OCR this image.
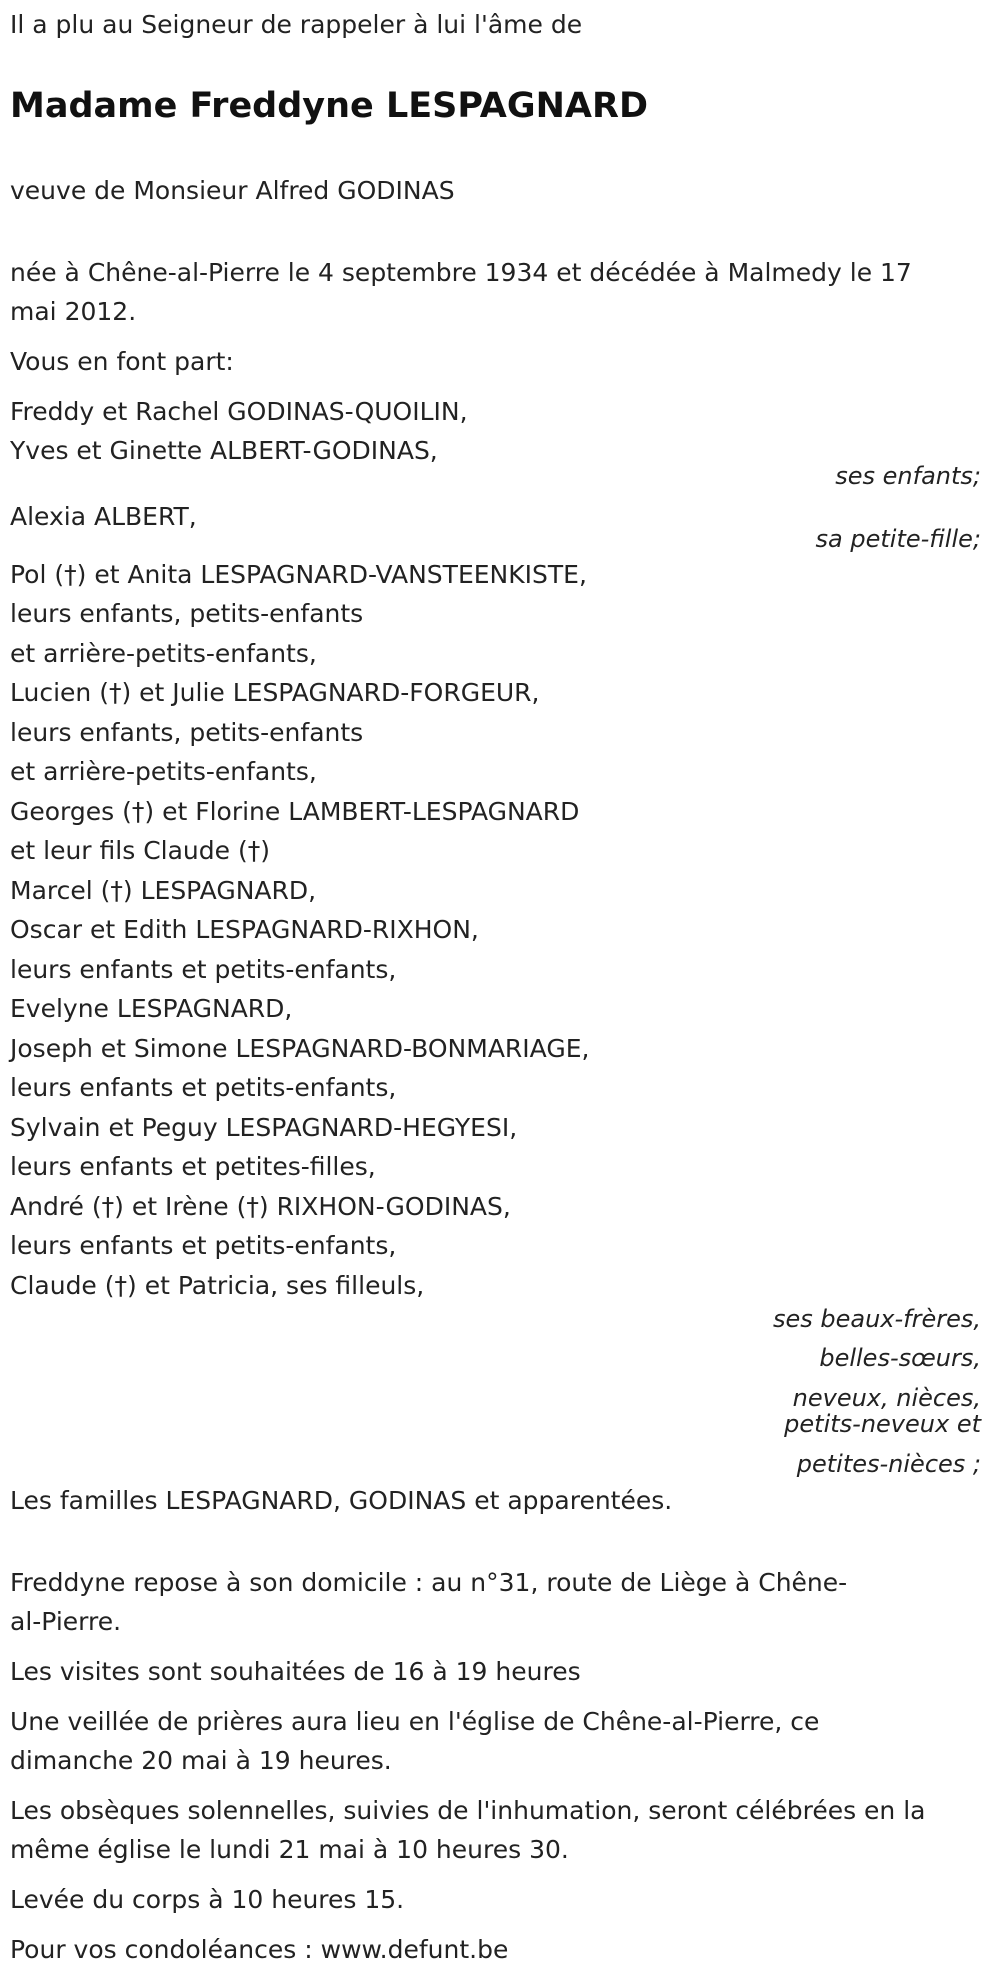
Il a plu au Seigneur de rappeler à lui l'âme de
Madame Freddyne LESPAGNARD
veuve de Monsieur Alfred GODINAS
née à Chêne-al-Pierre le 4 septembre 1934 et décédée à Malmedy le 17
mai 2012.
Vous en font part:
Freddy et Rachel GODINAS-QUOILIN,
Yves et Ginette ALBERT-GODINAS,
ses enfants;
Alexia ALBERT,
sa petite-fille;
Pol (†) et Anita LESPAGNARD-VANSTEENKISTE,
leurs enfants, petits-enfants
et arrière-petits-enfants,
Lucien (†) et Julie LESPAGNARD-FORGEUR,
leurs enfants, petits-enfants
et arrière-petits-enfants,
Georges (†) et Florine LAMBERT-LESPAGNARD
et leur fils Claude (†)
Marcel (†) LESPAGNARD,
Oscar et Edith LESPAGNARD-RIXHON,
leurs enfants et petits-enfants,
Evelyne LESPAGNARD,
Joseph et Simone LESPAGNARD-BONMARIAGE,
leurs enfants et petits-enfants,
Sylvain et Peguy LESPAGNARD-HEGYESI,
leurs enfants et petites-filles,
André (†) et Irène (†) RIXHON-GODINAS,
leurs enfants et petits-enfants,
Claude (†) et Patricia, ses filleuls,
ses beaux-frères,
belles-sœurs,
neveux, nièces,
petits-neveux et
petites-nièces ;
Les familles LESPAGNARD, GODINAS et apparentées.
Freddyne repose à son domicile : au n°31, route de Liège à Chêne-
al-Pierre.
Les visites sont souhaitées de 16 à 19 heures
Une veillée de prières aura lieu en l'église de Chêne-al-Pierre, ce
dimanche 20 mai à 19 heures.
Les obsèques solennelles, suivies de l'inhumation, seront célébrées en la
même église le lundi 21 mai à 10 heures 30.
Levée du corps à 10 heures 15.
Pour vos condoléances : www.defunt.be
